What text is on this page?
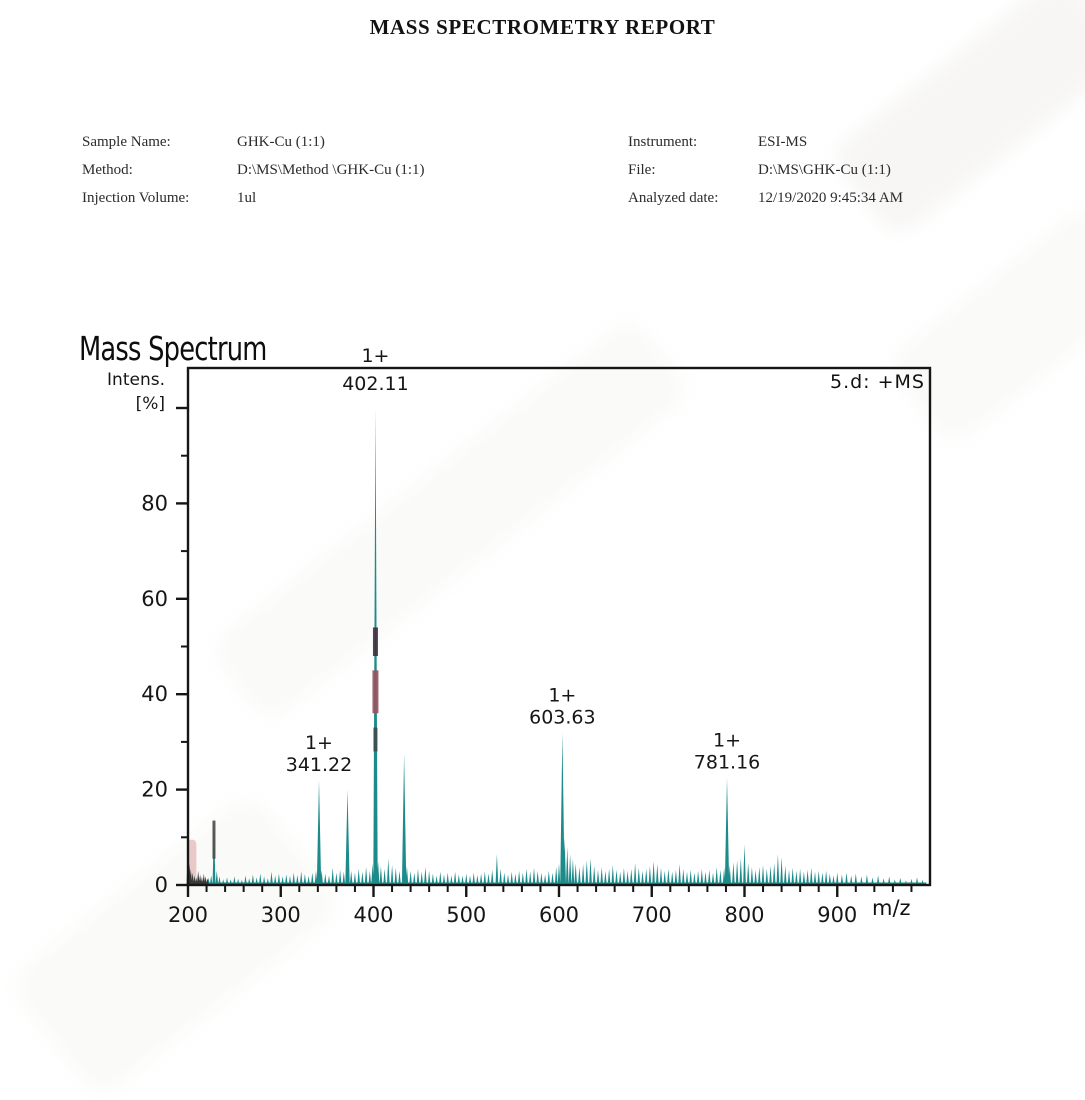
MASS SPECTROMETRY REPORT
Sample Name:	GHK-Cu (1:1)
Method:	D:\MS\Method \GHK-Cu (1:1)
Injection Volume:	1ul
Instrument:	ESI-MS
File:	D:\MS\GHK-Cu (1:1)
Analyzed date:	12/19/2020 9:45:34 AM
Mass Spectrum
Intens.
[%]
5.d: +MS
m/z
200	300	400	500	600	700	800	900
0
20
40
60
80
1+
341.22
1+
402.11
1+
603.63
1+
781.16
